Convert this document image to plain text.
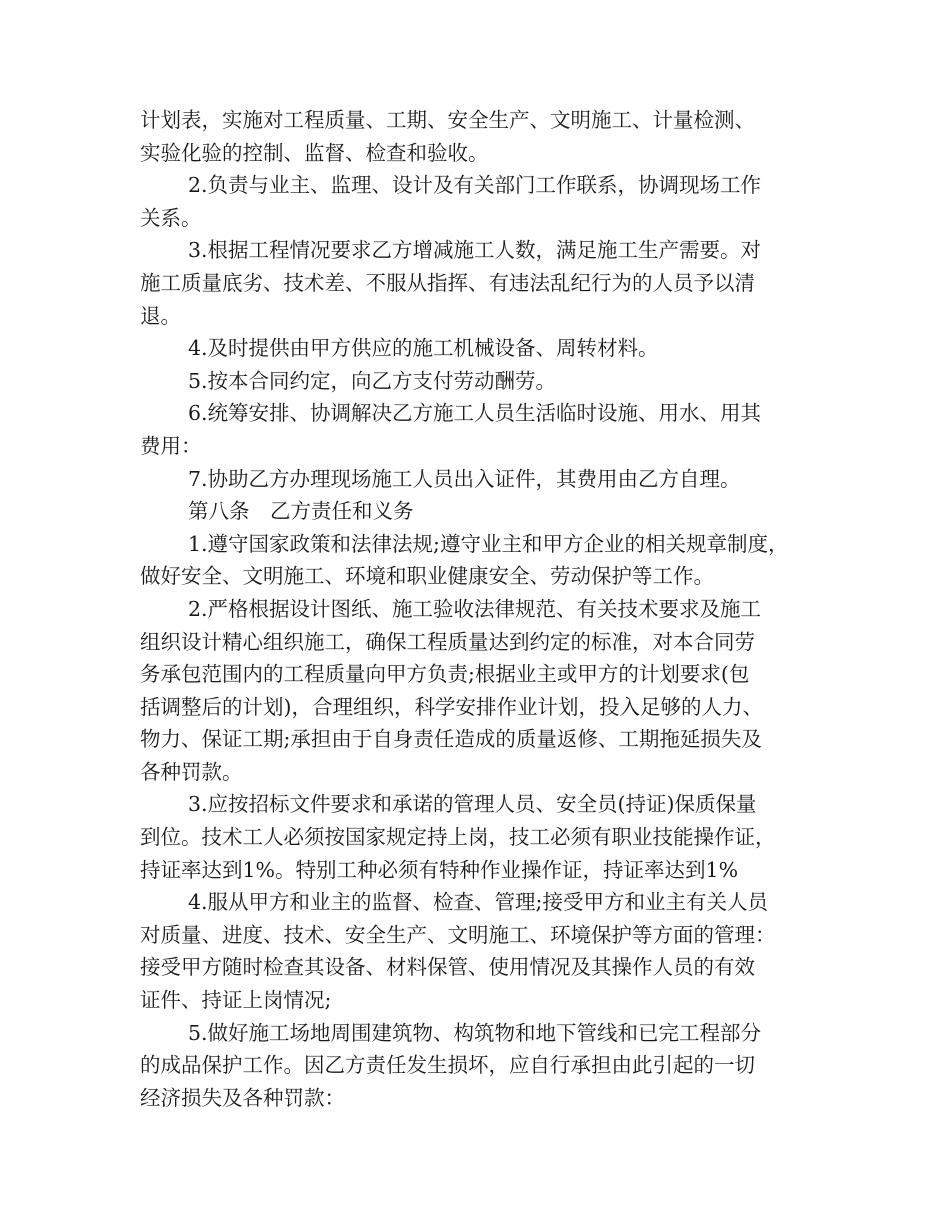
计划表，实施对工程质量、工期、安全生产、文明施工、计量检测、
实验化验的控制、监督、检查和验收。
2.负责与业主、监理、设计及有关部门工作联系，协调现场工作
关系。
3.根据工程情况要求乙方增减施工人数，满足施工生产需要。对
施工质量底劣、技术差、不服从指挥、有违法乱纪行为的人员予以清
退。
4.及时提供由甲方供应的施工机械设备、周转材料。
5.按本合同约定，向乙方支付劳动酬劳。
6.统筹安排、协调解决乙方施工人员生活临时设施、用水、用其
费用：
7.协助乙方办理现场施工人员出入证件，其费用由乙方自理。
第八条　乙方责任和义务
1.遵守国家政策和法律法规;遵守业主和甲方企业的相关规章制度，
做好安全、文明施工、环境和职业健康安全、劳动保护等工作。
2.严格根据设计图纸、施工验收法律规范、有关技术要求及施工
组织设计精心组织施工，确保工程质量达到约定的标准，对本合同劳
务承包范围内的工程质量向甲方负责;根据业主或甲方的计划要求(包
括调整后的计划)，合理组织，科学安排作业计划，投入足够的人力、
物力、保证工期;承担由于自身责任造成的质量返修、工期拖延损失及
各种罚款。
3.应按招标文件要求和承诺的管理人员、安全员(持证)保质保量
到位。技术工人必须按国家规定持上岗，技工必须有职业技能操作证，
持证率达到1%。特别工种必须有特种作业操作证，持证率达到1%
4.服从甲方和业主的监督、检查、管理;接受甲方和业主有关人员
对质量、进度、技术、安全生产、文明施工、环境保护等方面的管理：
接受甲方随时检查其设备、材料保管、使用情况及其操作人员的有效
证件、持证上岗情况;
5.做好施工场地周围建筑物、构筑物和地下管线和已完工程部分
的成品保护工作。因乙方责任发生损坏，应自行承担由此引起的一切
经济损失及各种罚款：
